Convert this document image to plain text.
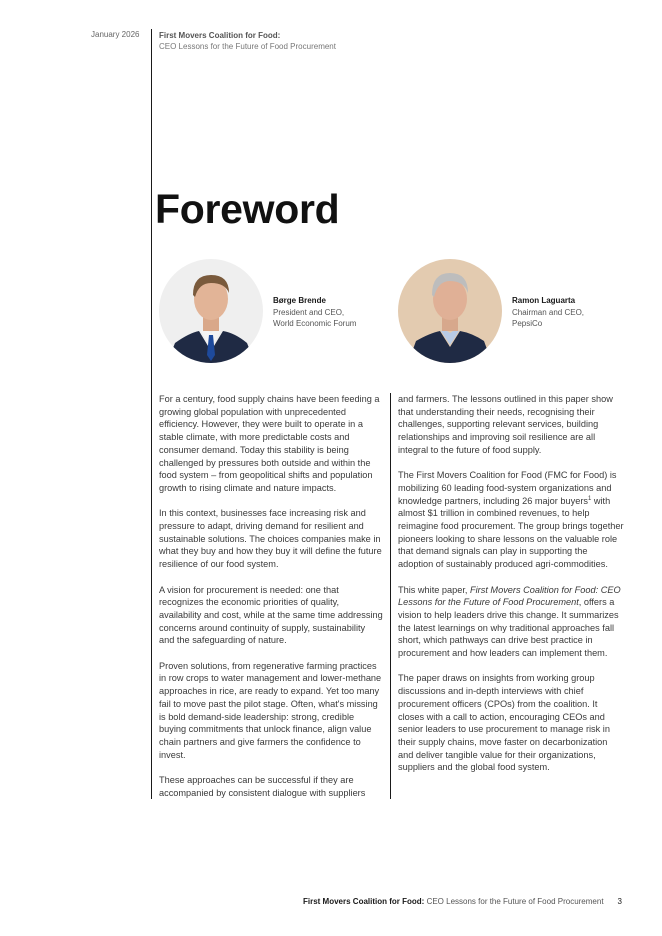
January 2026 First Movers Coalition for Food:
CEO Lessons for the Future of Food Procurement
Foreword
Børge Brende
President and CEO,
World Economic Forum
Ramon Laguarta
Chairman and CEO,
PepsiCo

For a century, food supply chains have been feeding a growing global population with unprecedented efficiency. However, they were built to operate in a stable climate, with more predictable costs and consumer demand. Today this stability is being challenged by pressures both outside and within the food system – from geopolitical shifts and population growth to rising climate and nature impacts.

In this context, businesses face increasing risk and pressure to adapt, driving demand for resilient and sustainable solutions. The choices companies make in what they buy and how they buy it will define the future resilience of our food system.

A vision for procurement is needed: one that recognizes the economic priorities of quality, availability and cost, while at the same time addressing concerns around continuity of supply, sustainability and the safeguarding of nature.

Proven solutions, from regenerative farming practices in row crops to water management and lower-methane approaches in rice, are ready to expand. Yet too many fail to move past the pilot stage. Often, what's missing is bold demand-side leadership: strong, credible buying commitments that unlock finance, align value chain partners and give farmers the confidence to invest.

These approaches can be successful if they are accompanied by consistent dialogue with suppliers

and farmers. The lessons outlined in this paper show that understanding their needs, recognising their challenges, supporting relevant services, building relationships and improving soil resilience are all integral to the future of food supply.

The First Movers Coalition for Food (FMC for Food) is mobilizing 60 leading food-system organizations and knowledge partners, including 26 major buyers$^1$ with almost $1 trillion in combined revenues, to help reimagine food procurement. The group brings together pioneers looking to share lessons on the valuable role that demand signals can play in supporting the adoption of sustainably produced agri-commodities.

This white paper, First Movers Coalition for Food: CEO Lessons for the Future of Food Procurement, offers a vision to help leaders drive this change. It summarizes the latest learnings on why traditional approaches fall short, which pathways can drive best practice in procurement and how leaders can implement them.

The paper draws on insights from working group discussions and in-depth interviews with chief procurement officers (CPOs) from the coalition. It closes with a call to action, encouraging CEOs and senior leaders to use procurement to manage risk in their supply chains, move faster on decarbonization and deliver tangible value for their organizations, suppliers and the global food system.

First Movers Coalition for Food: CEO Lessons for the Future of Food Procurement 3
